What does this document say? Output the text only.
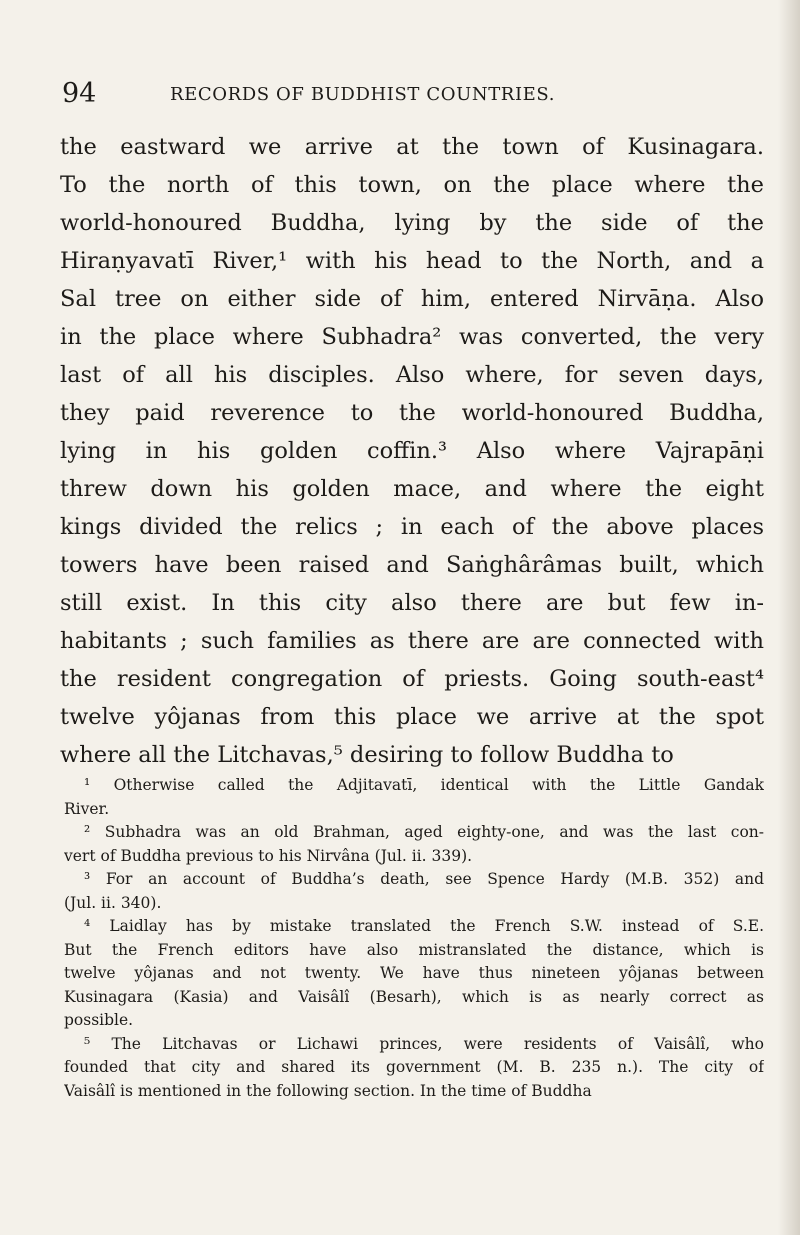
94	RECORDS OF BUDDHIST COUNTRIES.
the eastward we arrive at the town of Kusinagara.
To the north of this town, on the place where the
world-honoured Buddha, lying by the side of the
Hiraṇyavatī River,¹ with his head to the North, and a
Sal tree on either side of him, entered Nirvāṇa. Also
in the place where Subhadra² was converted, the very
last of all his disciples. Also where, for seven days,
they paid reverence to the world-honoured Buddha,
lying in his golden coffin.³ Also where Vajrapāṇi
threw down his golden mace, and where the eight
kings divided the relics ; in each of the above places
towers have been raised and Saṅghârâmas built, which
still exist. In this city also there are but few in-
habitants ; such families as there are are connected with
the resident congregation of priests. Going south-east⁴
twelve yôjanas from this place we arrive at the spot
where all the Litchavas,⁵ desiring to follow Buddha to
¹ Otherwise called the Adjitavatī, identical with the Little Gandak
River.
² Subhadra was an old Brahman, aged eighty-one, and was the last con-
vert of Buddha previous to his Nirvâna (Jul. ii. 339).
³ For an account of Buddha’s death, see Spence Hardy (M.B. 352) and
(Jul. ii. 340).
⁴ Laidlay has by mistake translated the French S.W. instead of S.E.
But the French editors have also mistranslated the distance, which is
twelve yôjanas and not twenty. We have thus nineteen yôjanas between
Kusinagara (Kasia) and Vaisâlî (Besarh), which is as nearly correct as
possible.
⁵ The Litchavas or Lichawi princes, were residents of Vaisâlî, who
founded that city and shared its government (M. B. 235 n.). The city of
Vaisâlî is mentioned in the following section. In the time of Buddha
